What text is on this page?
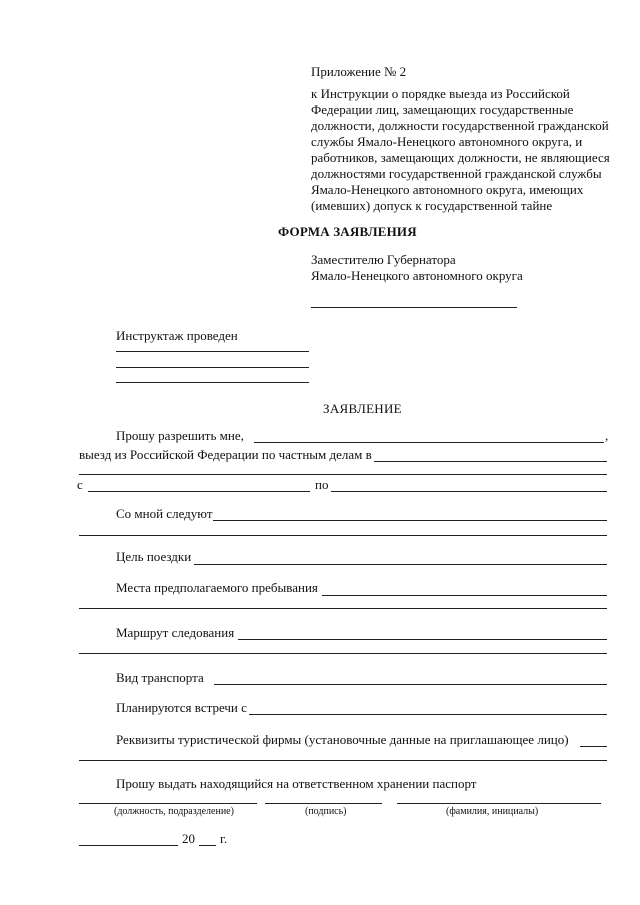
Приложение № 2
к Инструкции о порядке выезда из Российской
Федерации лиц, замещающих государственные
должности, должности государственной гражданской
службы Ямало-Ненецкого автономного округа, и
работников, замещающих должности, не являющиеся
должностями государственной гражданской службы
Ямало-Ненецкого автономного округа, имеющих
(имевших) допуск к государственной тайне
ФОРМА ЗАЯВЛЕНИЯ
Заместителю Губернатора
Ямало-Ненецкого автономного округа
Инструктаж проведен
ЗАЯВЛЕНИЕ
Прошу разрешить мне,	,
выезд из Российской Федерации по частным делам в
с	по
Со мной следуют
Цель поездки
Места предполагаемого пребывания
Маршрут следования
Вид транспорта
Планируются встречи с
Реквизиты туристической фирмы (установочные данные на приглашающее лицо)
Прошу выдать находящийся на ответственном хранении паспорт
(должность, подразделение)	(подпись)	(фамилия, инициалы)
20 г.
